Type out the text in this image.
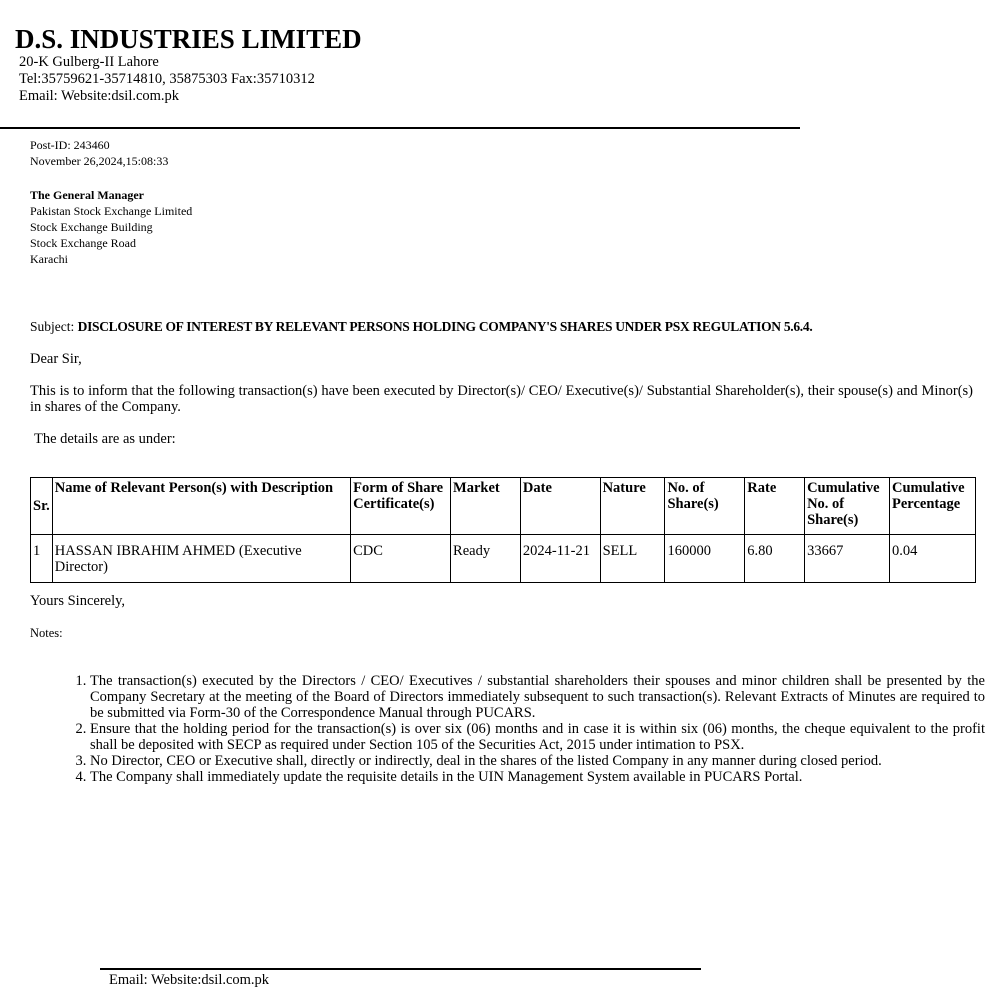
D.S. INDUSTRIES LIMITED
20-K Gulberg-II Lahore
Tel:35759621-35714810, 35875303 Fax:35710312
Email: Website:dsil.com.pk
Post-ID: 243460
November 26,2024,15:08:33
The General Manager
Pakistan Stock Exchange Limited
Stock Exchange Building
Stock Exchange Road
Karachi
Subject: DISCLOSURE OF INTEREST BY RELEVANT PERSONS HOLDING COMPANY'S SHARES UNDER PSX REGULATION 5.6.4.
Dear Sir,
This is to inform that the following transaction(s) have been executed by Director(s)/ CEO/ Executive(s)/ Substantial Shareholder(s), their spouse(s) and Minor(s) in shares of the Company.
The details are as under:
Sr.	Name of Relevant Person(s) with Description	Form of Share Certificate(s)	Market	Date	Nature	No. of Share(s)	Rate	Cumulative No. of Share(s)	Cumulative Percentage
1	HASSAN IBRAHIM AHMED (Executive Director)	CDC	Ready	2024-11-21	SELL	160000	6.80	33667	0.04
Yours Sincerely,
Notes:
1. The transaction(s) executed by the Directors / CEO/ Executives / substantial shareholders their spouses and minor children shall be presented by the Company Secretary at the meeting of the Board of Directors immediately subsequent to such transaction(s). Relevant Extracts of Minutes are required to be submitted via Form-30 of the Correspondence Manual through PUCARS.
2. Ensure that the holding period for the transaction(s) is over six (06) months and in case it is within six (06) months, the cheque equivalent to the profit shall be deposited with SECP as required under Section 105 of the Securities Act, 2015 under intimation to PSX.
3. No Director, CEO or Executive shall, directly or indirectly, deal in the shares of the listed Company in any manner during closed period.
4. The Company shall immediately update the requisite details in the UIN Management System available in PUCARS Portal.
Email: Website:dsil.com.pk
